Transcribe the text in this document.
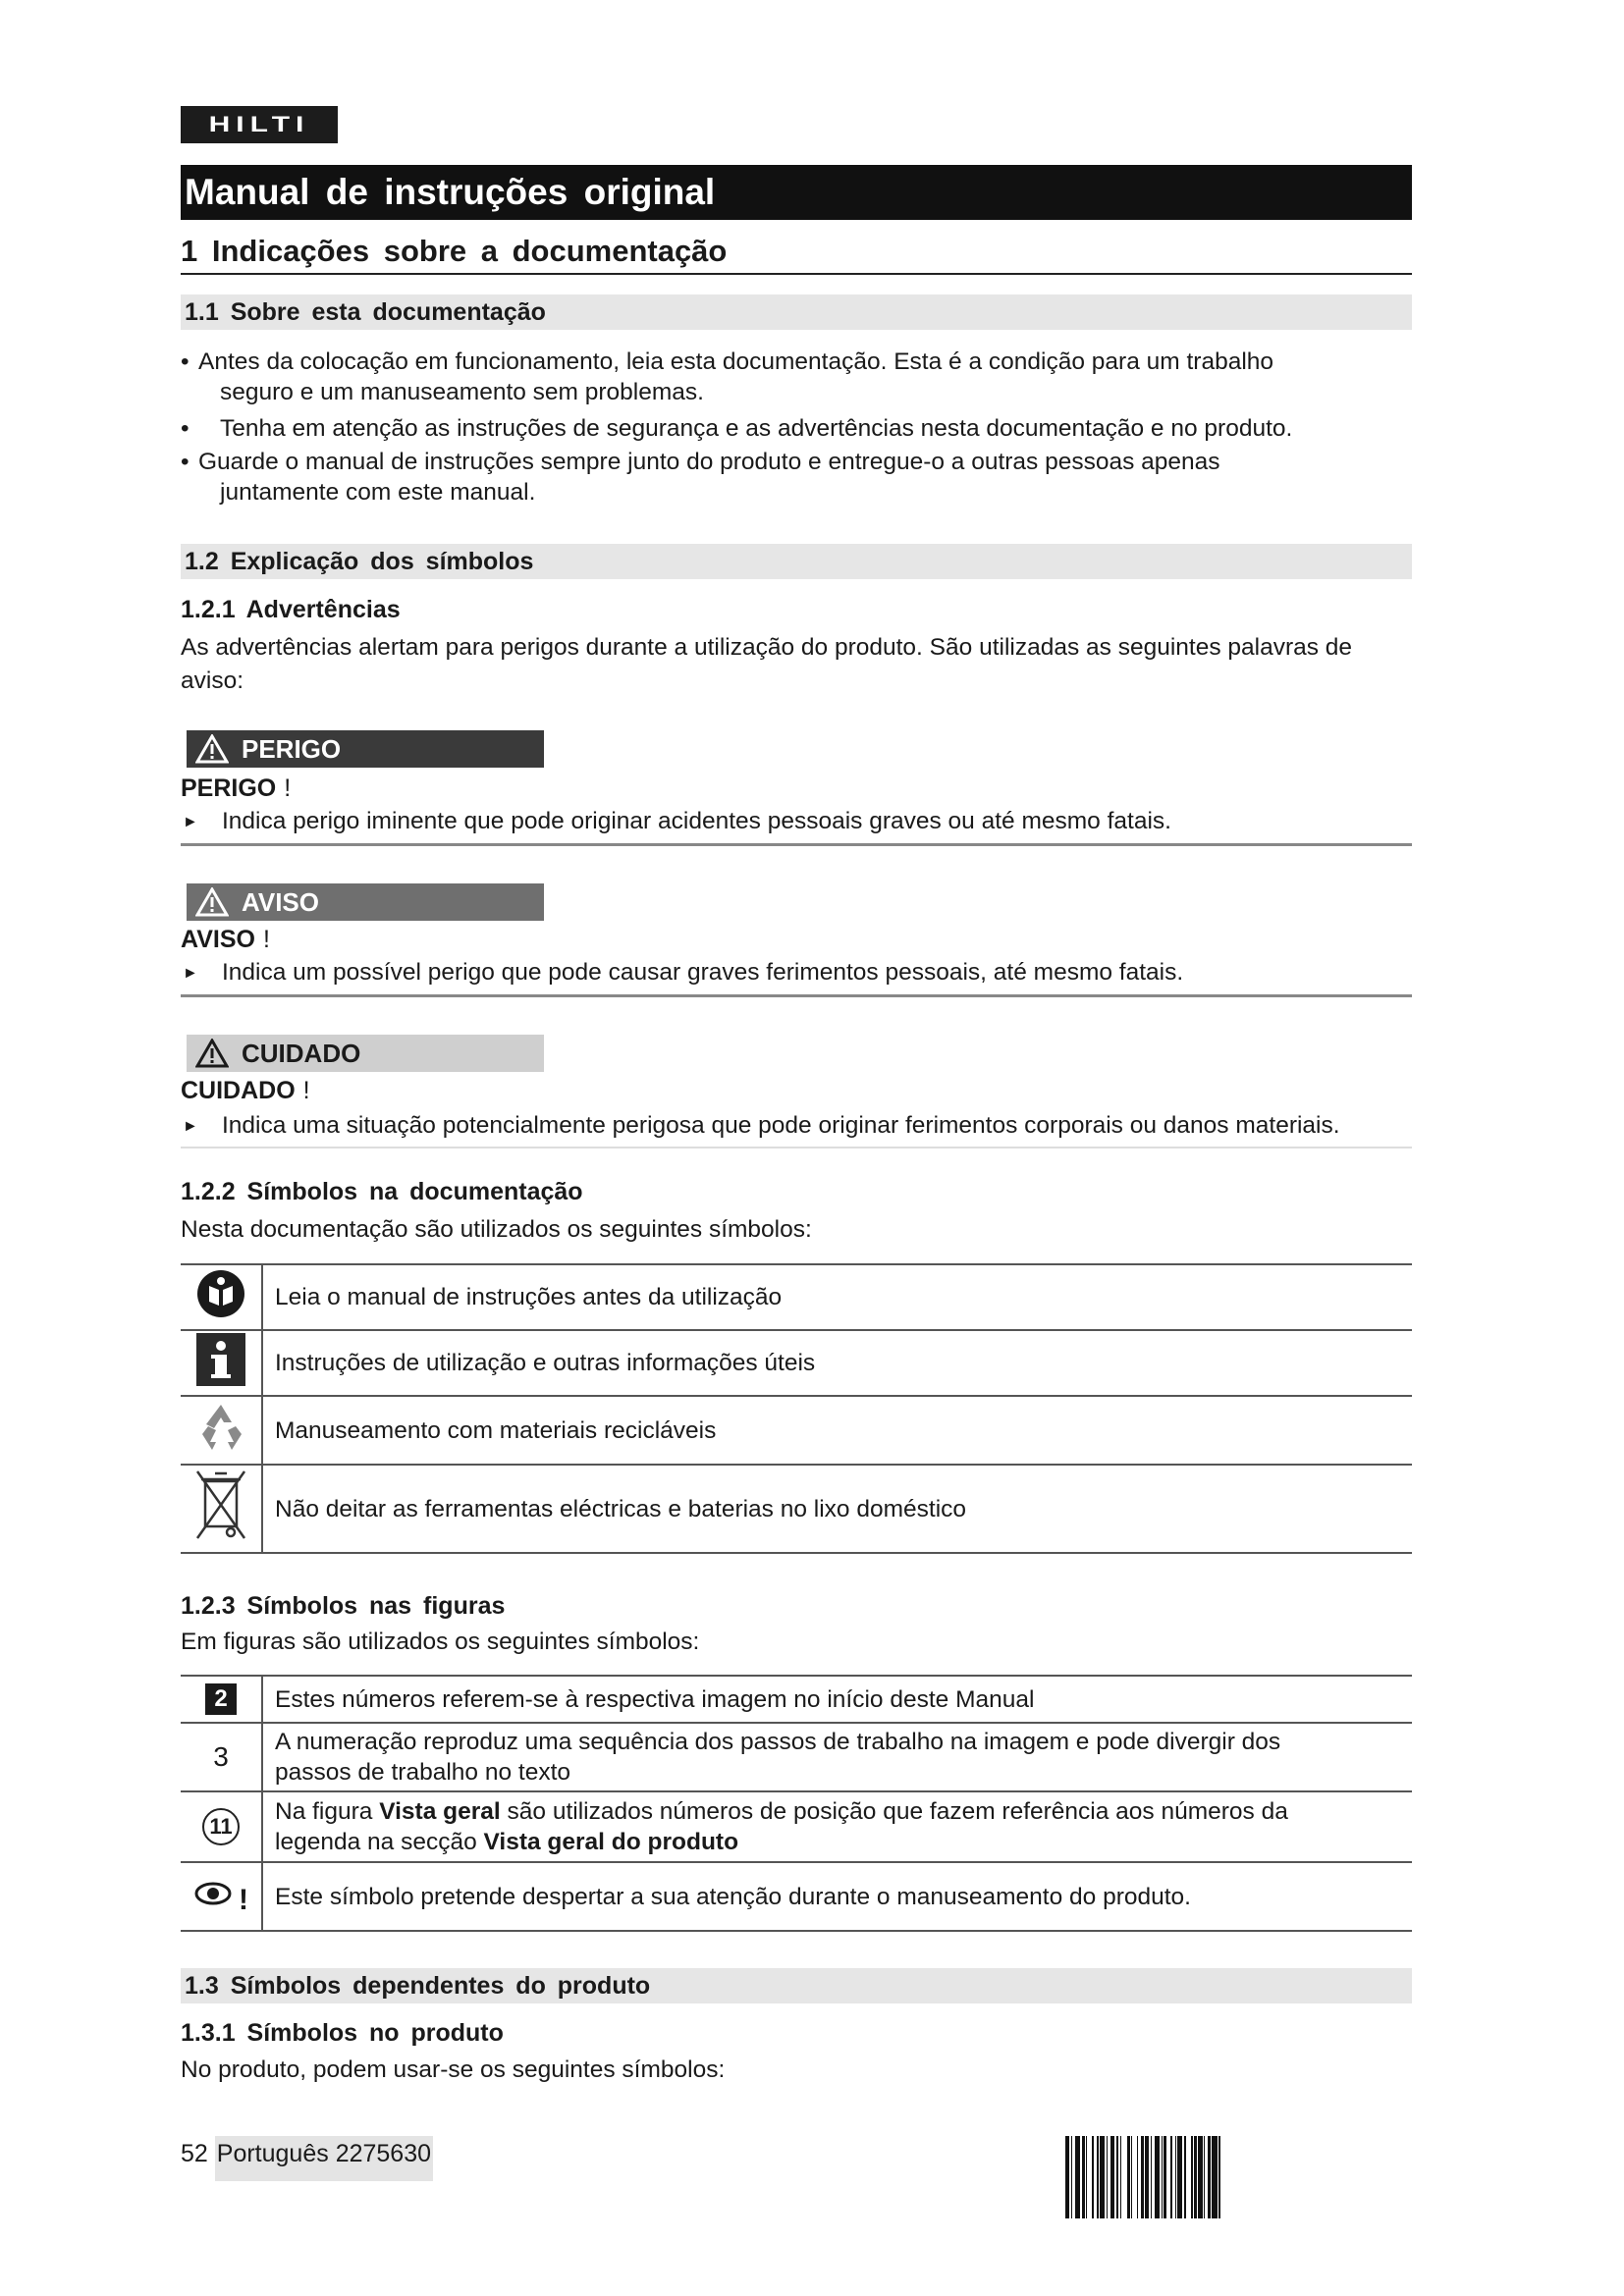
HILTI
Manual de instruções original
1 Indicações sobre a documentação
1.1 Sobre esta documentação
• Antes da colocação em funcionamento, leia esta documentação. Esta é a condição para um trabalho
seguro e um manuseamento sem problemas.
•	Tenha em atenção as instruções de segurança e as advertências nesta documentação e no produto.
• Guarde o manual de instruções sempre junto do produto e entregue-o a outras pessoas apenas
juntamente com este manual.
1.2 Explicação dos símbolos
1.2.1 Advertências
As advertências alertam para perigos durante a utilização do produto. São utilizadas as seguintes palavras de aviso:
PERIGO
PERIGO !
► Indica perigo iminente que pode originar acidentes pessoais graves ou até mesmo fatais.
AVISO
AVISO !
► Indica um possível perigo que pode causar graves ferimentos pessoais, até mesmo fatais.
CUIDADO
CUIDADO !
► Indica uma situação potencialmente perigosa que pode originar ferimentos corporais ou danos materiais.
1.2.2 Símbolos na documentação
Nesta documentação são utilizados os seguintes símbolos:
	Leia o manual de instruções antes da utilização
	Instruções de utilização e outras informações úteis
	Manuseamento com materiais recicláveis
	Não deitar as ferramentas eléctricas e baterias no lixo doméstico
1.2.3 Símbolos nas figuras
Em figuras são utilizados os seguintes símbolos:
2	Estes números referem-se à respectiva imagem no início deste Manual
3	A numeração reproduz uma sequência dos passos de trabalho na imagem e pode divergir dos
passos de trabalho no texto

11	Na figura Vista geral são utilizados números de posição que fazem referência aos números da
legenda na secção Vista geral do produto

!	Este símbolo pretende despertar a sua atenção durante o manuseamento do produto.
1.3 Símbolos dependentes do produto
1.3.1 Símbolos no produto
No produto, podem usar-se os seguintes símbolos:
52 Português 2275630
